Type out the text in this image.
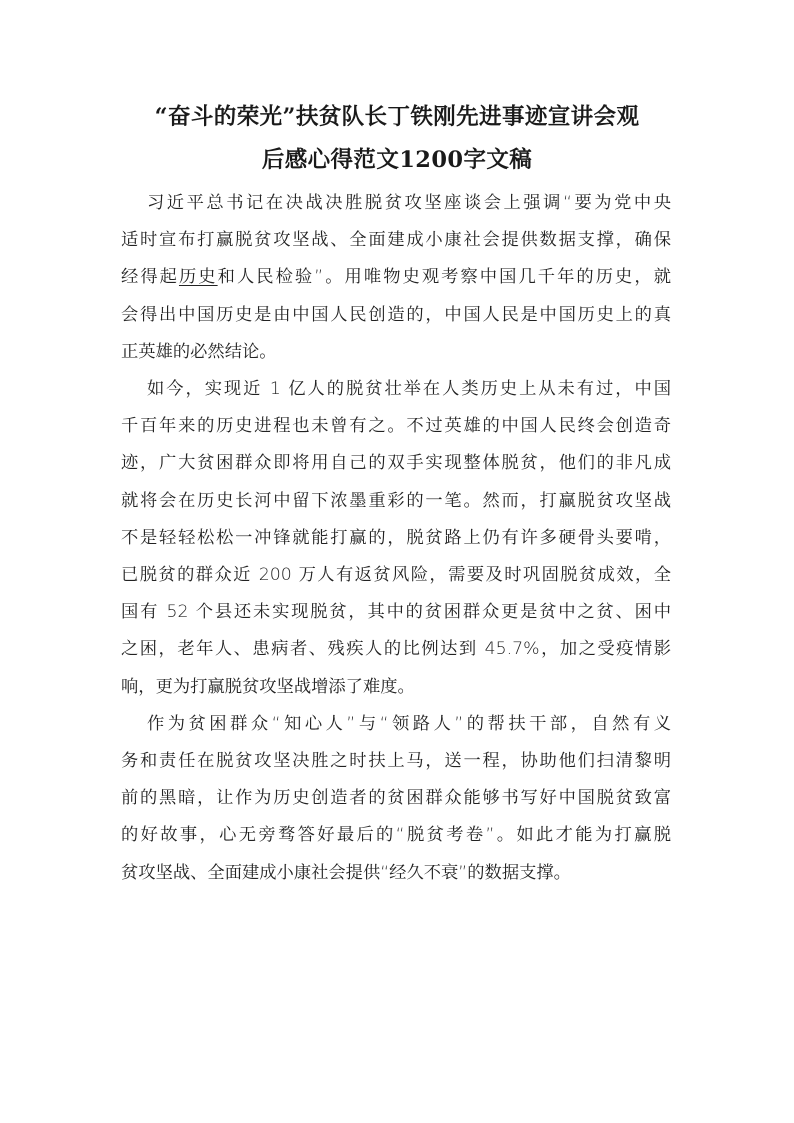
“奋斗的荣光”扶贫队长丁铁刚先进事迹宣讲会观
后感心得范文1200字文稿

习近平总书记在决战决胜脱贫攻坚座谈会上强调“要为党中央
适时宣布打赢脱贫攻坚战、全面建成小康社会提供数据支撑，确保
经得起历史和人民检验”。用唯物史观考察中国几千年的历史，就
会得出中国历史是由中国人民创造的，中国人民是中国历史上的真
正英雄的必然结论。

如今，实现近 1 亿人的脱贫壮举在人类历史上从未有过，中国
千百年来的历史进程也未曾有之。不过英雄的中国人民终会创造奇
迹，广大贫困群众即将用自己的双手实现整体脱贫，他们的非凡成
就将会在历史长河中留下浓墨重彩的一笔。然而，打赢脱贫攻坚战
不是轻轻松松一冲锋就能打赢的，脱贫路上仍有许多硬骨头要啃，
已脱贫的群众近 200 万人有返贫风险，需要及时巩固脱贫成效，全
国有 52 个县还未实现脱贫，其中的贫困群众更是贫中之贫、困中
之困，老年人、患病者、残疾人的比例达到 45.7%，加之受疫情影
响，更为打赢脱贫攻坚战增添了难度。

作为贫困群众“知心人”与“领路人”的帮扶干部，自然有义
务和责任在脱贫攻坚决胜之时扶上马，送一程，协助他们扫清黎明
前的黑暗，让作为历史创造者的贫困群众能够书写好中国脱贫致富
的好故事，心无旁骛答好最后的“脱贫考卷”。如此才能为打赢脱
贫攻坚战、全面建成小康社会提供“经久不衰”的数据支撑。
